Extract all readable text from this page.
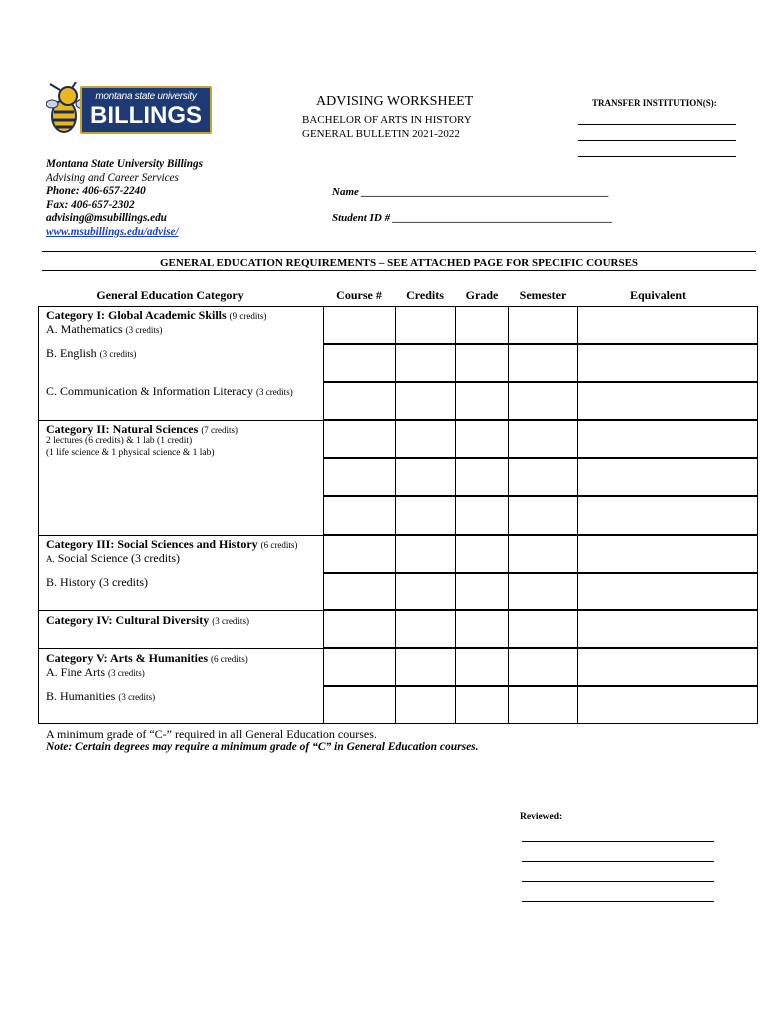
montana state university
BILLINGS
ADVISING WORKSHEET
BACHELOR OF ARTS IN HISTORY
GENERAL BULLETIN 2021-2022
TRANSFER INSTITUTION(S):
Montana State University Billings
Advising and Career Services
Phone: 406-657-2240
Fax: 406-657-2302
advising@msubillings.edu
www.msubillings.edu/advise/
Name _____________________________________________
Student ID # ________________________________________
GENERAL EDUCATION REQUIREMENTS – SEE ATTACHED PAGE FOR SPECIFIC COURSES
General Education Category	Course #	Credits	Grade	Semester	Equivalent
Category I: Global Academic Skills (9 credits)
A. Mathematics (3 credits)
B. English (3 credits)
C. Communication & Information Literacy (3 credits)
Category II: Natural Sciences (7 credits)
2 lectures (6 credits) & 1 lab (1 credit)
(1 life science & 1 physical science & 1 lab)
Category III: Social Sciences and History (6 credits)
A. Social Science (3 credits)
B. History (3 credits)
Category IV: Cultural Diversity (3 credits)
Category V: Arts & Humanities (6 credits)
A. Fine Arts (3 credits)
B. Humanities (3 credits)
A minimum grade of “C-” required in all General Education courses.
Note: Certain degrees may require a minimum grade of “C” in General Education courses.
Reviewed:
